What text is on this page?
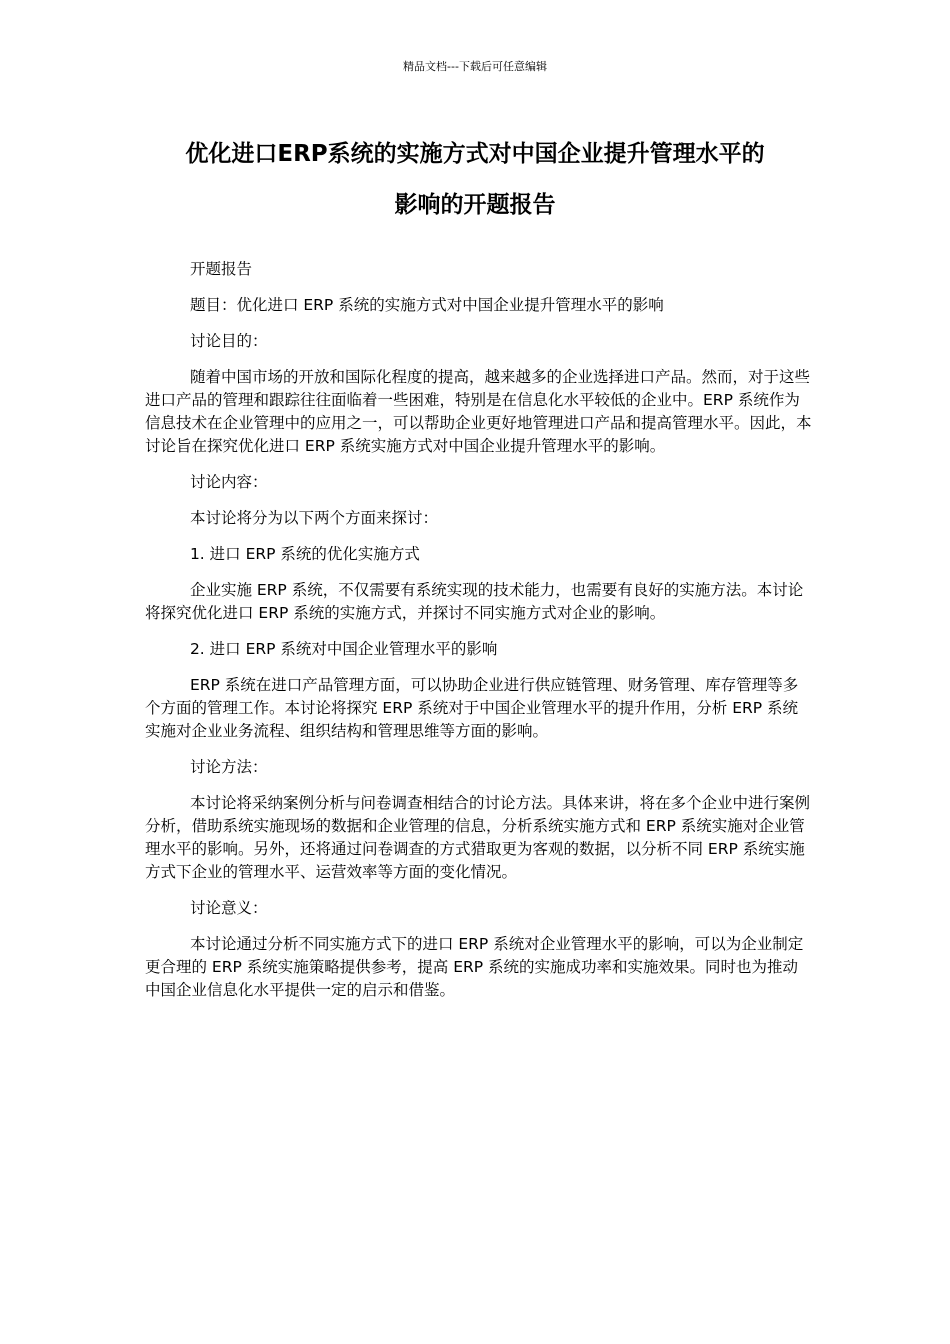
精品文档---下载后可任意编辑
优化进口ERP系统的实施方式对中国企业提升管理水平的
影响的开题报告

开题报告

题目：优化进口 ERP 系统的实施方式对中国企业提升管理水平的影响

讨论目的：

随着中国市场的开放和国际化程度的提高，越来越多的企业选择进口产品。然而，对于这些进口产品的管理和跟踪往往面临着一些困难，特别是在信息化水平较低的企业中。ERP 系统作为信息技术在企业管理中的应用之一，可以帮助企业更好地管理进口产品和提高管理水平。因此，本讨论旨在探究优化进口 ERP 系统实施方式对中国企业提升管理水平的影响。

讨论内容：

本讨论将分为以下两个方面来探讨：

1. 进口 ERP 系统的优化实施方式

企业实施 ERP 系统，不仅需要有系统实现的技术能力，也需要有良好的实施方法。本讨论将探究优化进口 ERP 系统的实施方式，并探讨不同实施方式对企业的影响。

2. 进口 ERP 系统对中国企业管理水平的影响

ERP 系统在进口产品管理方面，可以协助企业进行供应链管理、财务管理、库存管理等多个方面的管理工作。本讨论将探究 ERP 系统对于中国企业管理水平的提升作用，分析 ERP 系统实施对企业业务流程、组织结构和管理思维等方面的影响。

讨论方法：

本讨论将采纳案例分析与问卷调查相结合的讨论方法。具体来讲，将在多个企业中进行案例分析，借助系统实施现场的数据和企业管理的信息，分析系统实施方式和 ERP 系统实施对企业管理水平的影响。另外，还将通过问卷调查的方式猎取更为客观的数据，以分析不同 ERP 系统实施方式下企业的管理水平、运营效率等方面的变化情况。

讨论意义：

本讨论通过分析不同实施方式下的进口 ERP 系统对企业管理水平的影响，可以为企业制定更合理的 ERP 系统实施策略提供参考，提高 ERP 系统的实施成功率和实施效果。同时也为推动中国企业信息化水平提供一定的启示和借鉴。
